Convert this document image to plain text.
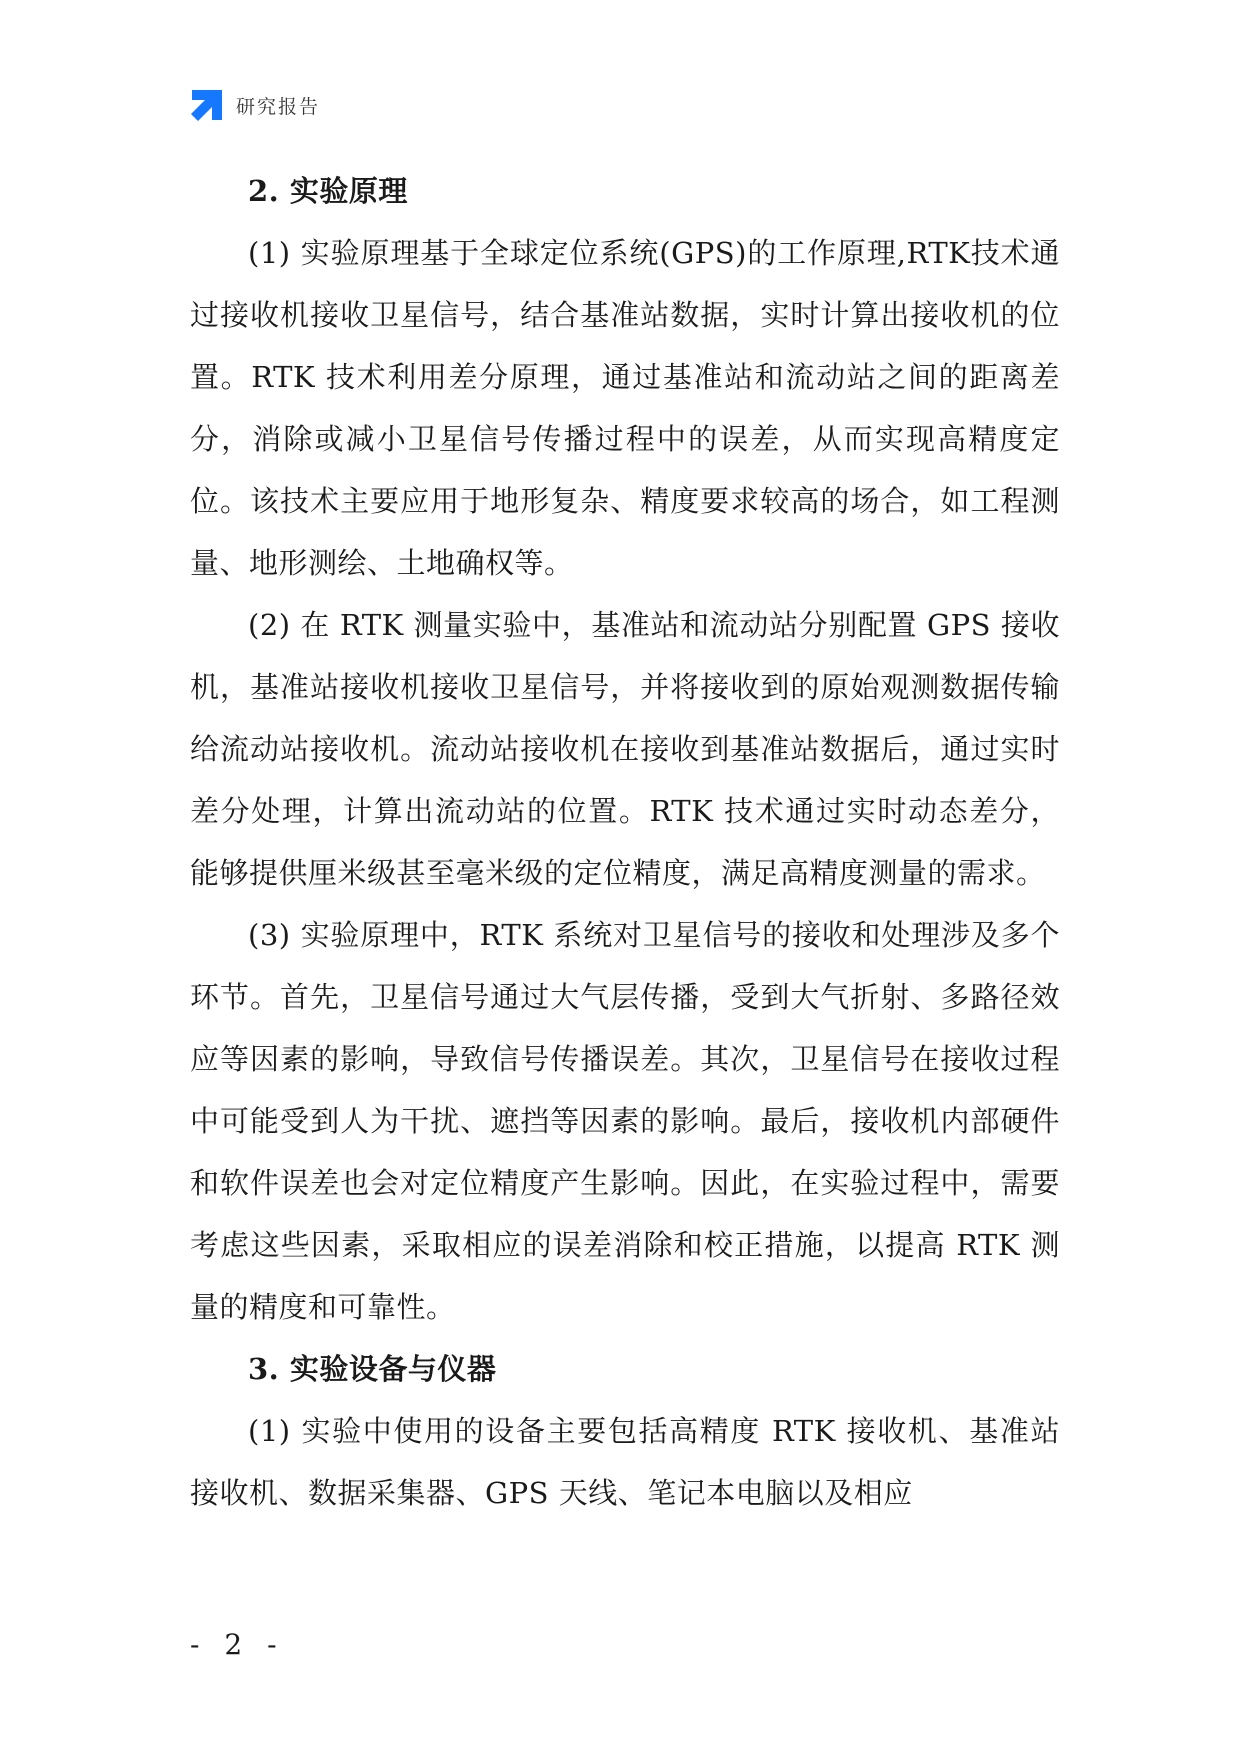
研究报告
2. 实验原理

(1) 实验原理基于全球定位系统(GPS)的工作原理,RTK技术通过接收机接收卫星信号，结合基准站数据，实时计算出接收机的位置。RTK 技术利用差分原理，通过基准站和流动站之间的距离差分，消除或减小卫星信号传播过程中的误差，从而实现高精度定位。该技术主要应用于地形复杂、精度要求较高的场合，如工程测量、地形测绘、土地确权等。

(2) 在 RTK 测量实验中，基准站和流动站分别配置 GPS 接收机，基准站接收机接收卫星信号，并将接收到的原始观测数据传输给流动站接收机。流动站接收机在接收到基准站数据后，通过实时差分处理，计算出流动站的位置。RTK 技术通过实时动态差分，能够提供厘米级甚至毫米级的定位精度，满足高精度测量的需求。

(3) 实验原理中，RTK 系统对卫星信号的接收和处理涉及多个环节。首先，卫星信号通过大气层传播，受到大气折射、多路径效应等因素的影响，导致信号传播误差。其次，卫星信号在接收过程中可能受到人为干扰、遮挡等因素的影响。最后，接收机内部硬件和软件误差也会对定位精度产生影响。因此，在实验过程中，需要考虑这些因素，采取相应的误差消除和校正措施，以提高 RTK 测量的精度和可靠性。

3. 实验设备与仪器

(1) 实验中使用的设备主要包括高精度 RTK 接收机、基准站接收机、数据采集器、GPS 天线、笔记本电脑以及相应

- 2 -
